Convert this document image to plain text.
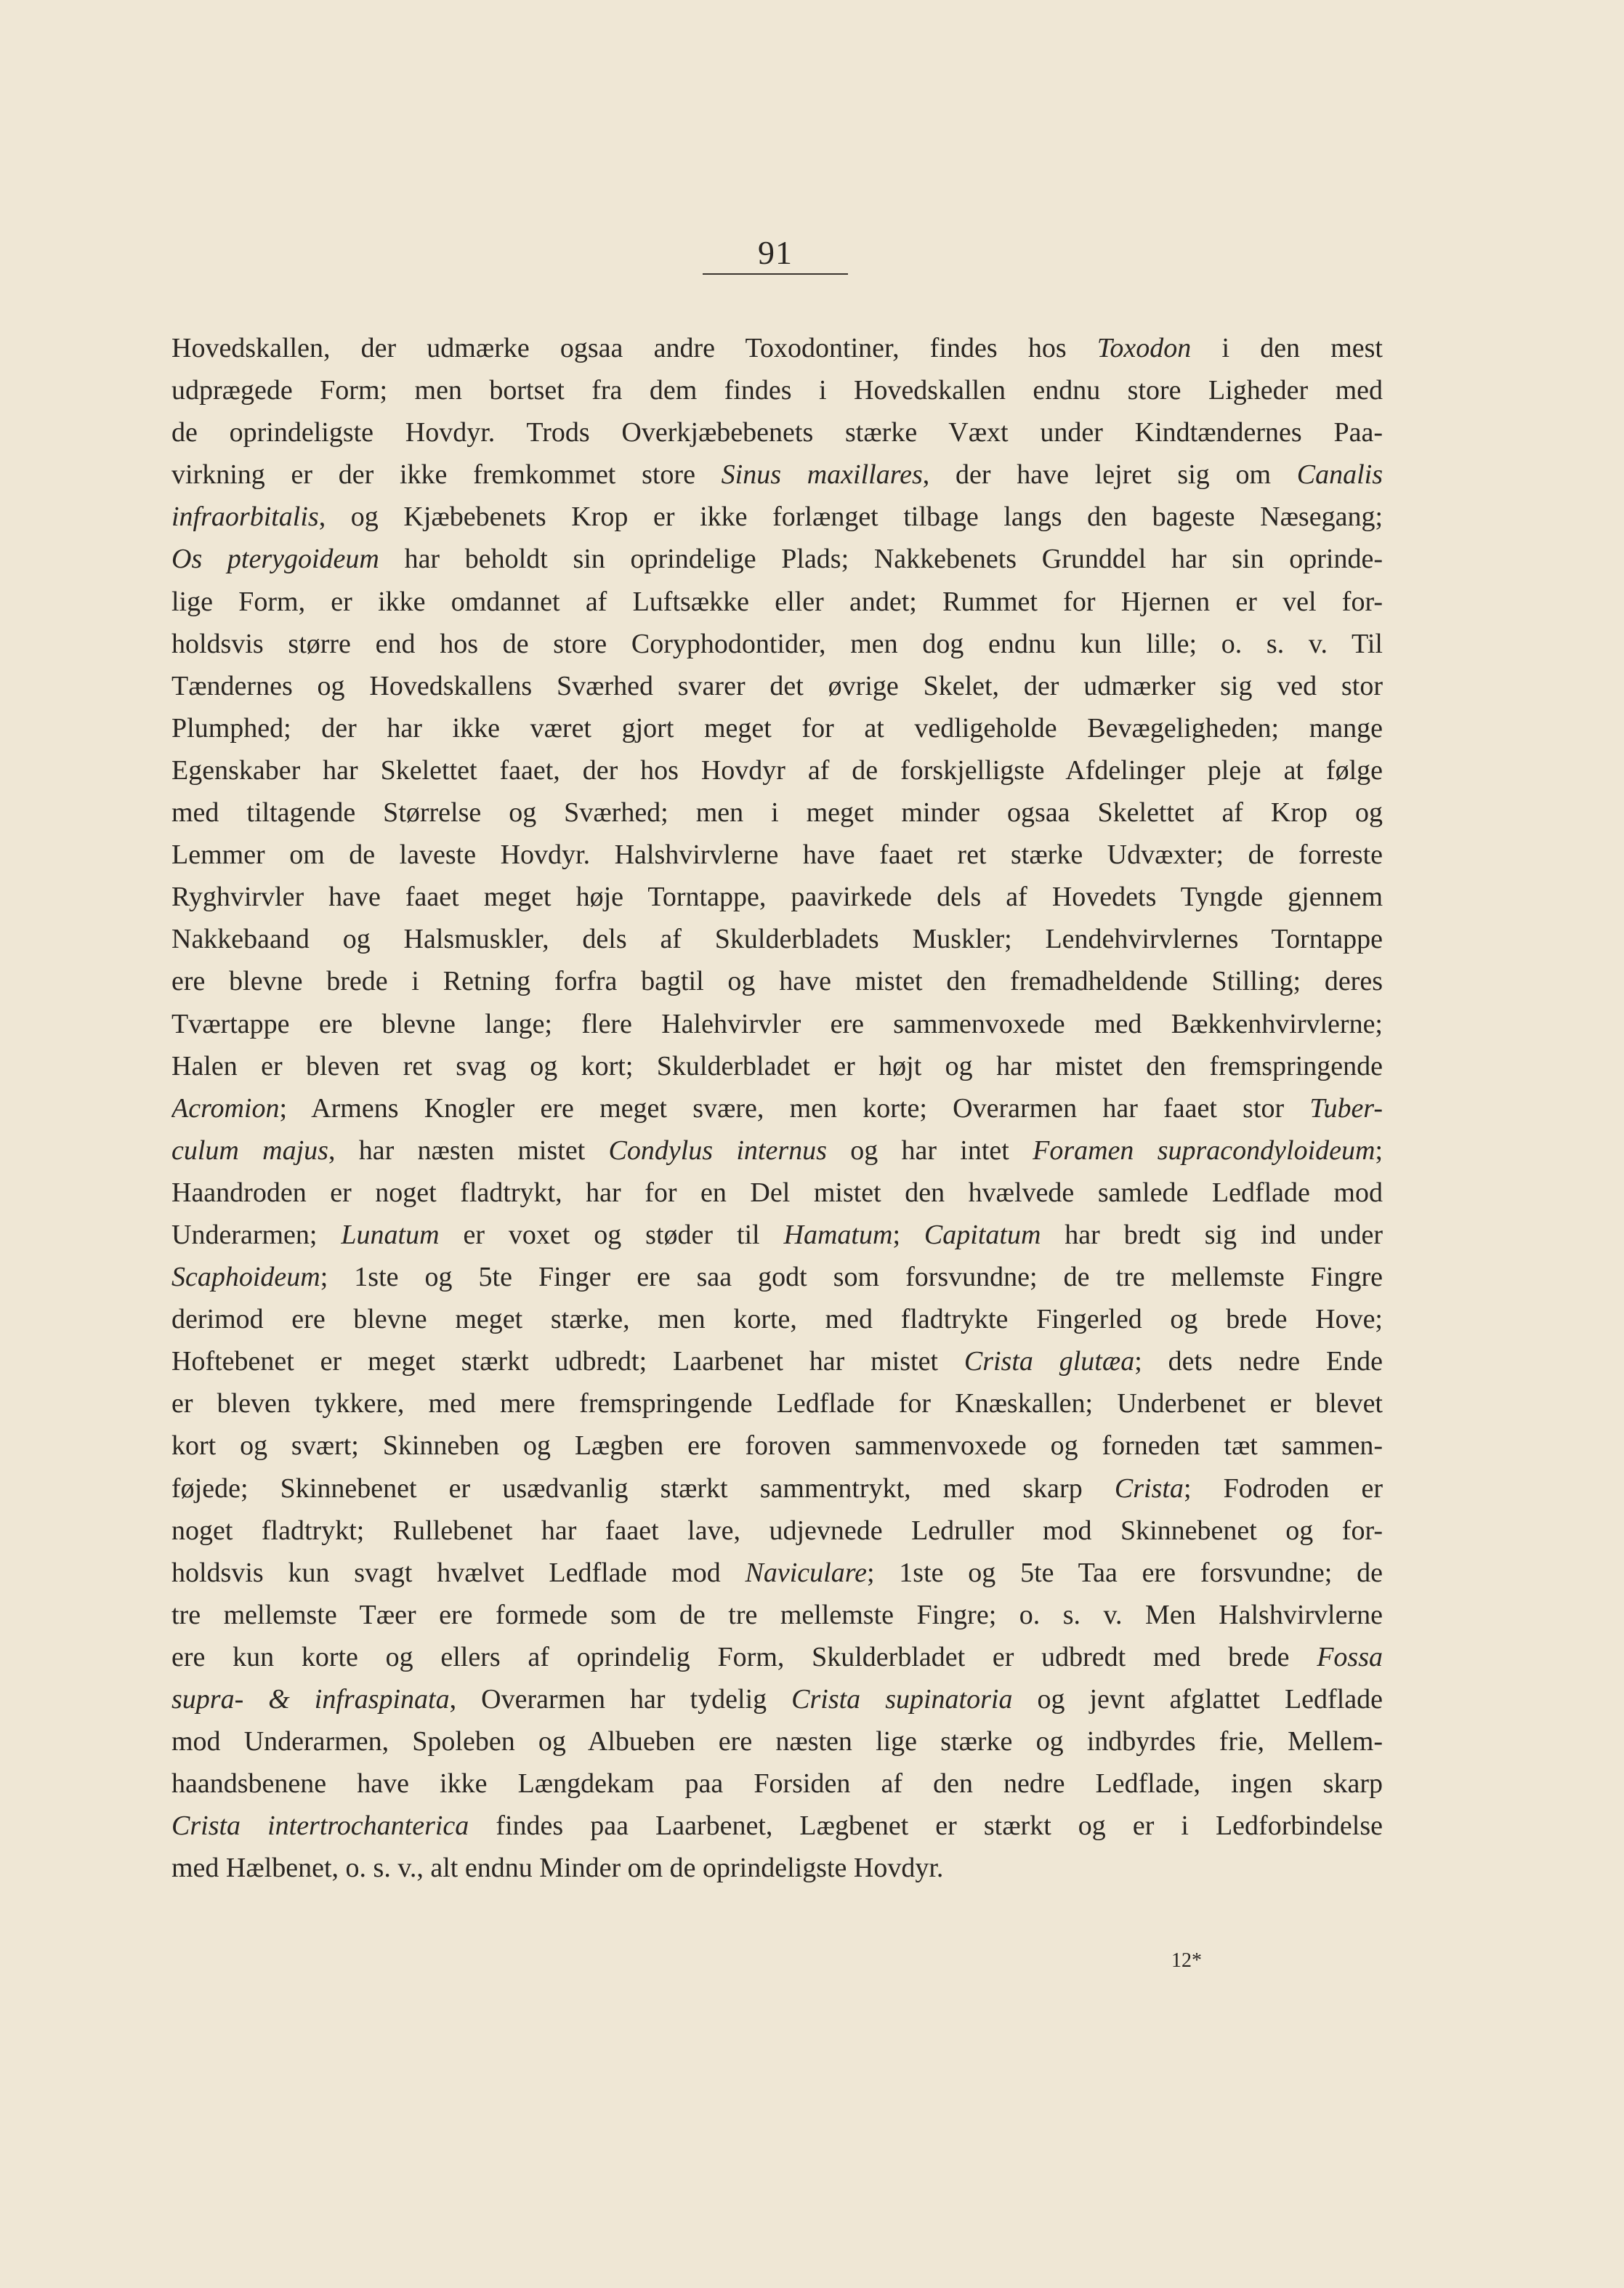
91
Hovedskallen, der udmærke ogsaa andre Toxodontiner, findes hos Toxodon i den mest
udprægede Form; men bortset fra dem findes i Hovedskallen endnu store Ligheder med
de oprindeligste Hovdyr. Trods Overkjæbebenets stærke Væxt under Kindtændernes Paa-
virkning er der ikke fremkommet store Sinus maxillares, der have lejret sig om Canalis
infraorbitalis, og Kjæbebenets Krop er ikke forlænget tilbage langs den bageste Næsegang;
Os pterygoideum har beholdt sin oprindelige Plads; Nakkebenets Grunddel har sin oprinde-
lige Form, er ikke omdannet af Luftsække eller andet; Rummet for Hjernen er vel for-
holdsvis større end hos de store Coryphodontider, men dog endnu kun lille; o. s. v. Til
Tændernes og Hovedskallens Sværhed svarer det øvrige Skelet, der udmærker sig ved stor
Plumphed; der har ikke været gjort meget for at vedligeholde Bevægeligheden; mange
Egenskaber har Skelettet faaet, der hos Hovdyr af de forskjelligste Afdelinger pleje at følge
med tiltagende Størrelse og Sværhed; men i meget minder ogsaa Skelettet af Krop og
Lemmer om de laveste Hovdyr. Halshvirvlerne have faaet ret stærke Udvæxter; de forreste
Ryghvirvler have faaet meget høje Torntappe, paavirkede dels af Hovedets Tyngde gjennem
Nakkebaand og Halsmuskler, dels af Skulderbladets Muskler; Lendehvirvlernes Torntappe
ere blevne brede i Retning forfra bagtil og have mistet den fremadheldende Stilling; deres
Tværtappe ere blevne lange; flere Halehvirvler ere sammenvoxede med Bækkenhvirvlerne;
Halen er bleven ret svag og kort; Skulderbladet er højt og har mistet den fremspringende
Acromion; Armens Knogler ere meget svære, men korte; Overarmen har faaet stor Tuber-
culum majus, har næsten mistet Condylus internus og har intet Foramen supracondyloideum;
Haandroden er noget fladtrykt, har for en Del mistet den hvælvede samlede Ledflade mod
Underarmen; Lunatum er voxet og støder til Hamatum; Capitatum har bredt sig ind under
Scaphoideum; 1ste og 5te Finger ere saa godt som forsvundne; de tre mellemste Fingre
derimod ere blevne meget stærke, men korte, med fladtrykte Fingerled og brede Hove;
Hoftebenet er meget stærkt udbredt; Laarbenet har mistet Crista glutæa; dets nedre Ende
er bleven tykkere, med mere fremspringende Ledflade for Knæskallen; Underbenet er blevet
kort og svært; Skinneben og Lægben ere foroven sammenvoxede og forneden tæt sammen-
føjede; Skinnebenet er usædvanlig stærkt sammentrykt, med skarp Crista; Fodroden er
noget fladtrykt; Rullebenet har faaet lave, udjevnede Ledruller mod Skinnebenet og for-
holdsvis kun svagt hvælvet Ledflade mod Naviculare; 1ste og 5te Taa ere forsvundne; de
tre mellemste Tæer ere formede som de tre mellemste Fingre; o. s. v. Men Halshvirvlerne
ere kun korte og ellers af oprindelig Form, Skulderbladet er udbredt med brede Fossa
supra- & infraspinata, Overarmen har tydelig Crista supinatoria og jevnt afglattet Ledflade
mod Underarmen, Spoleben og Albueben ere næsten lige stærke og indbyrdes frie, Mellem-
haandsbenene have ikke Længdekam paa Forsiden af den nedre Ledflade, ingen skarp
Crista intertrochanterica findes paa Laarbenet, Lægbenet er stærkt og er i Ledforbindelse
med Hælbenet, o. s. v., alt endnu Minder om de oprindeligste Hovdyr.
12*
